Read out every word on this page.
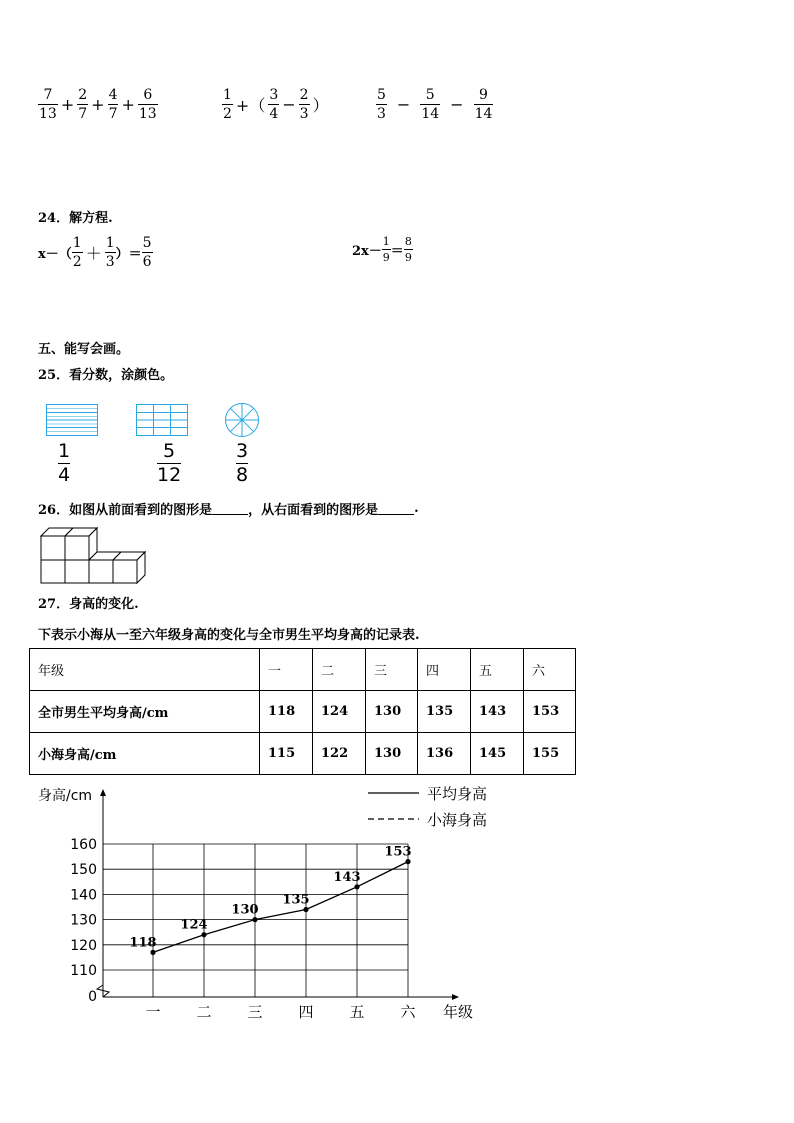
$\frac{7}{13} + \frac{2}{7} + \frac{4}{7} + \frac{6}{13}$	$\frac{1}{2}$ +（ $\frac{3}{4} - \frac{2}{3}$ ）	$\frac{5}{3} - \frac{5}{14} - \frac{9}{14}$
24．解方程.
$x-( \frac{1}{2} + \frac{1}{3}$ ）＝ $\frac{5}{6}$	$2x- \frac{1}{9} = \frac{8}{9}$
五、能写会画。
25．看分数，涂颜色。
1
4
5
12
3
8
26．如图从前面看到的图形是	，从右面看到的图形是	.
27．身高的变化.
下表示小海从一至六年级身高的变化与全市男生平均身高的记录表.
年级	一	二	三	四	五	六
全市男生平均身高/cm	118	124	130	135	143	153
小海身高/cm	115	122	130	136	145	155
160
150
140
130
120
110
0
身高/cm
年级
一 二 三 四 五 六
平均身高
小海身高
118
124
130
135
143
153
